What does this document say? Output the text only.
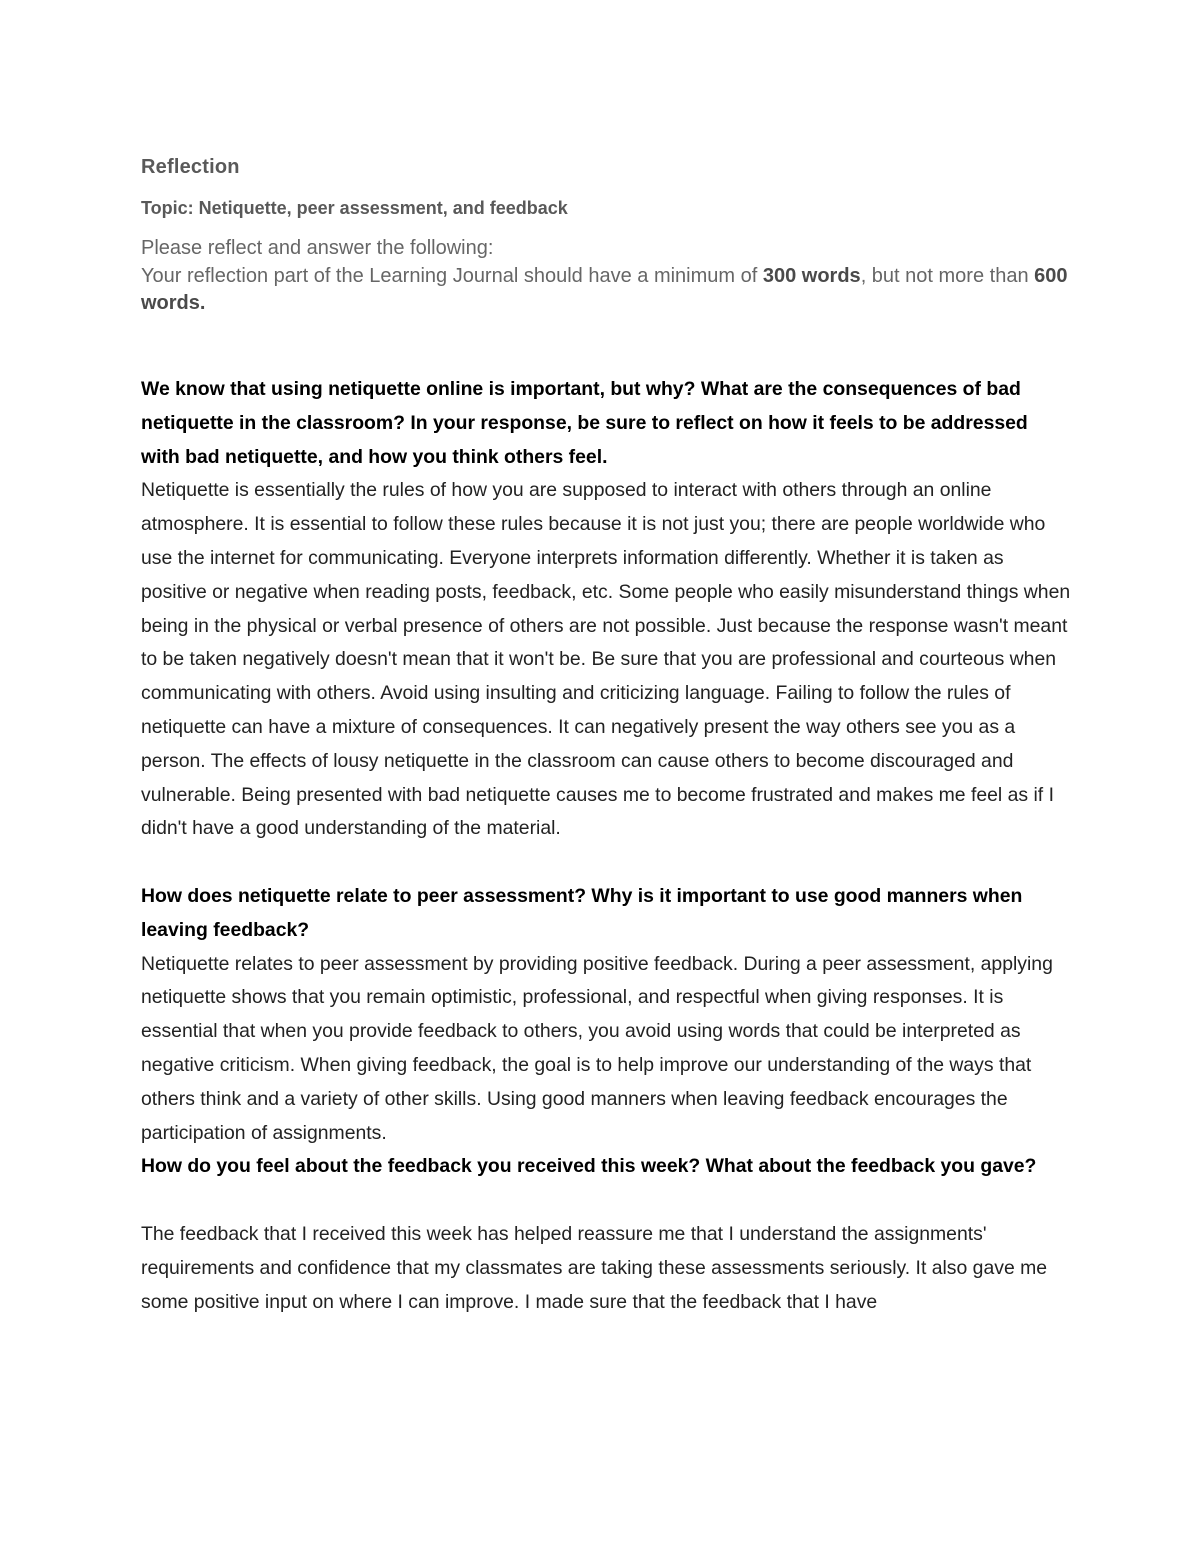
Reflection
Topic: Netiquette, peer assessment, and feedback
Please reflect and answer the following:
Your reflection part of the Learning Journal should have a minimum of 300 words, but not more than 600 words.

We know that using netiquette online is important, but why? What are the consequences of bad netiquette in the classroom? In your response, be sure to reflect on how it feels to be addressed with bad netiquette, and how you think others feel.

Netiquette is essentially the rules of how you are supposed to interact with others through an online atmosphere. It is essential to follow these rules because it is not just you; there are people worldwide who use the internet for communicating. Everyone interprets information differently. Whether it is taken as positive or negative when reading posts, feedback, etc. Some people who easily misunderstand things when being in the physical or verbal presence of others are not possible. Just because the response wasn't meant to be taken negatively doesn't mean that it won't be. Be sure that you are professional and courteous when communicating with others. Avoid using insulting and criticizing language. Failing to follow the rules of netiquette can have a mixture of consequences. It can negatively present the way others see you as a person. The effects of lousy netiquette in the classroom can cause others to become discouraged and vulnerable. Being presented with bad netiquette causes me to become frustrated and makes me feel as if I didn't have a good understanding of the material.

How does netiquette relate to peer assessment? Why is it important to use good manners when leaving feedback?

Netiquette relates to peer assessment by providing positive feedback. During a peer assessment, applying netiquette shows that you remain optimistic, professional, and respectful when giving responses. It is essential that when you provide feedback to others, you avoid using words that could be interpreted as negative criticism. When giving feedback, the goal is to help improve our understanding of the ways that others think and a variety of other skills. Using good manners when leaving feedback encourages the participation of assignments.

How do you feel about the feedback you received this week? What about the feedback you gave?

The feedback that I received this week has helped reassure me that I understand the assignments' requirements and confidence that my classmates are taking these assessments seriously. It also gave me some positive input on where I can improve. I made sure that the feedback that I have
